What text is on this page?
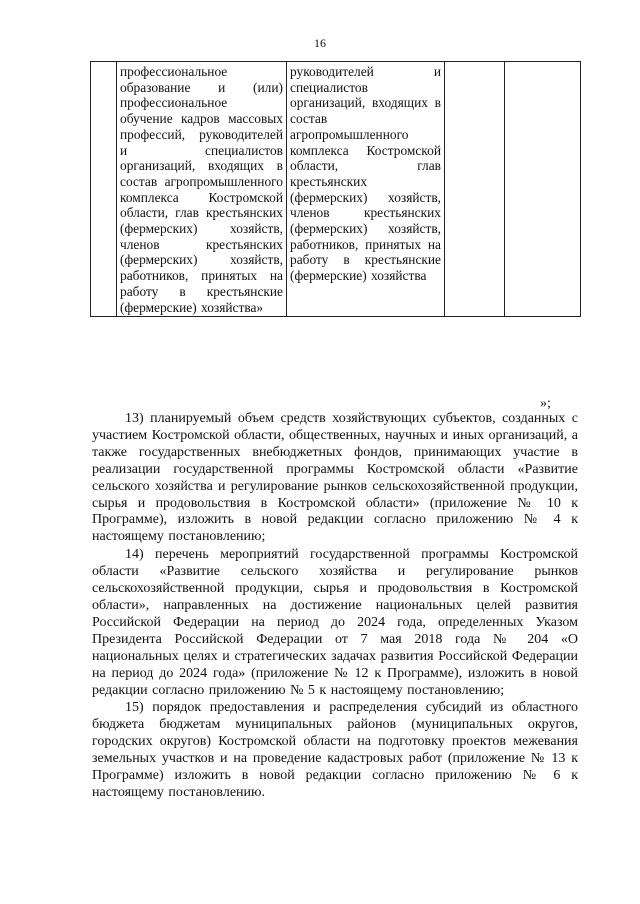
16
	профессиональное образование и (или) профессиональное обучение кадров массовых профессий, руководителей и специалистов организаций, входящих в состав агропромышленного комплекса Костромской области, глав крестьянских (фермерских) хозяйств, членов крестьянских (фермерских) хозяйств, работников, принятых на работу в крестьянские (фермерские) хозяйства»	руководителей и специалистов организаций, входящих в состав агропромышленного комплекса Костромской области, глав крестьянских (фермерских) хозяйств, членов крестьянских (фермерских) хозяйств, работников, принятых на работу в крестьянские (фермерские) хозяйства		
»;

13) планируемый объем средств хозяйствующих субъектов, созданных с участием Костромской области, общественных, научных и иных организаций, а также государственных внебюджетных фондов, принимающих участие в реализации государственной программы Костромской области «Развитие сельского хозяйства и регулирование рынков сельскохозяйственной продукции, сырья и продовольствия в Костромской области» (приложение № 10 к Программе), изложить в новой редакции согласно приложению № 4 к настоящему постановлению;

14) перечень мероприятий государственной программы Костромской области «Развитие сельского хозяйства и регулирование рынков сельскохозяйственной продукции, сырья и продовольствия в Костромской области», направленных на достижение национальных целей развития Российской Федерации на период до 2024 года, определенных Указом Президента Российской Федерации от 7 мая 2018 года № 204 «О национальных целях и стратегических задачах развития Российской Федерации на период до 2024 года» (приложение № 12 к Программе), изложить в новой редакции согласно приложению № 5 к настоящему постановлению;

15) порядок предоставления и распределения субсидий из областного бюджета бюджетам муниципальных районов (муниципальных округов, городских округов) Костромской области на подготовку проектов межевания земельных участков и на проведение кадастровых работ (приложение № 13 к Программе) изложить в новой редакции согласно приложению № 6 к настоящему постановлению.
